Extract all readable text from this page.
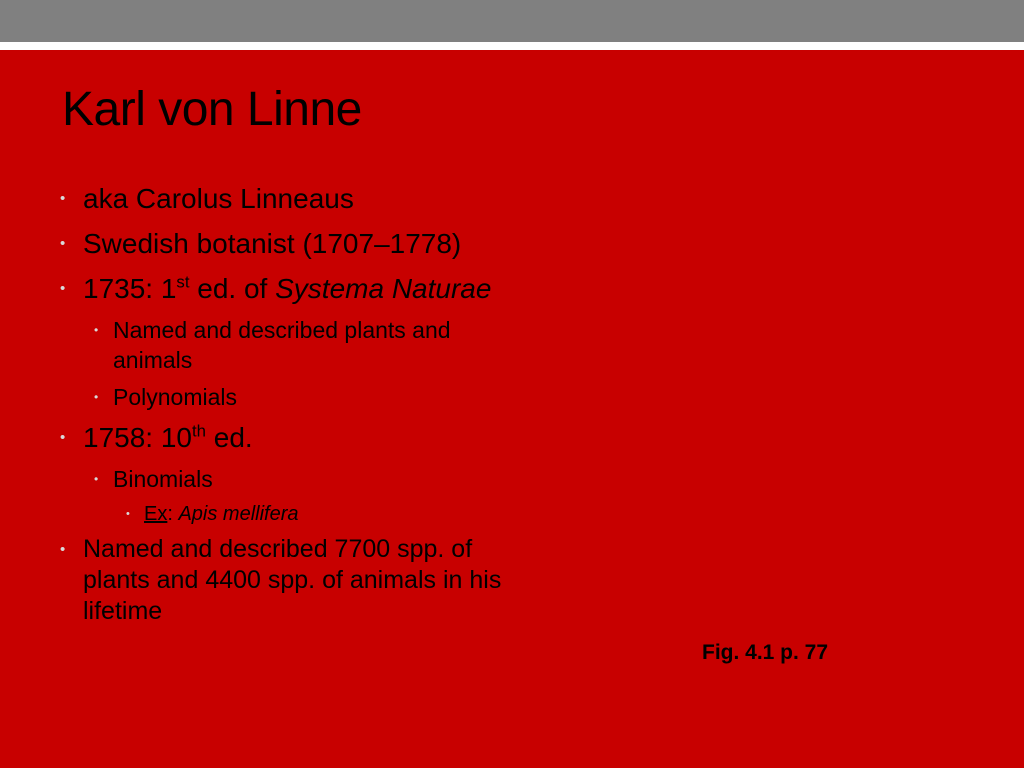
Karl von Linne
• aka Carolus Linneaus
• Swedish botanist (1707–1778)
• 1735: 1st ed. of Systema Naturae
• Named and described plants and animals
• Polynomials
• 1758: 10th ed.
• Binomials
• Ex: Apis mellifera
• Named and described 7700 spp. of plants and 4400 spp. of animals in his lifetime
Fig. 4.1 p. 77
